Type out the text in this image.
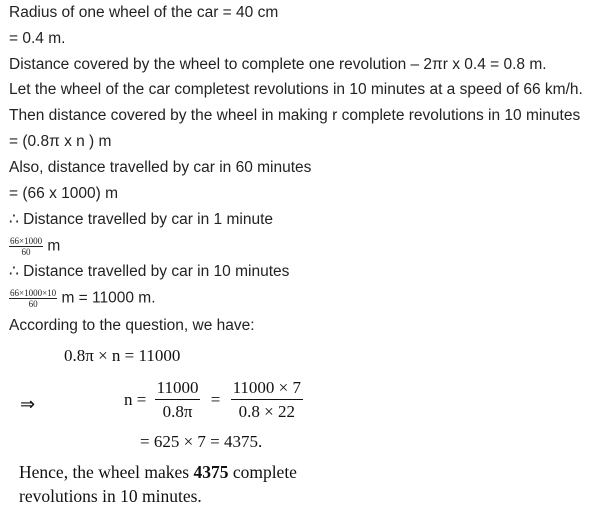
Radius of one wheel of the car = 40 cm
= 0.4 m.
Distance covered by the wheel to complete one revolution – 2πr x 0.4 = 0.8 m.
Let the wheel of the car completest revolutions in 10 minutes at a speed of 66 km/h.
Then distance covered by the wheel in making r complete revolutions in 10 minutes
= (0.8π x n ) m
Also, distance travelled by car in 60 minutes
= (66 x 1000) m
∴ Distance travelled by car in 1 minute
$\frac{66\times 1000}{60}$ m
∴ Distance travelled by car in 10 minutes
$\frac{66\times 1000\times 10}{60}$ m = 11000 m.
According to the question, we have:
0.8π × n = 11000
⇒	$n = \frac{11000}{0.8\pi} = \frac{11000 \times 7}{0.8 \times 22}$
= 625 × 7 = 4375.
Hence, the wheel makes 4375 complete
revolutions in 10 minutes.
